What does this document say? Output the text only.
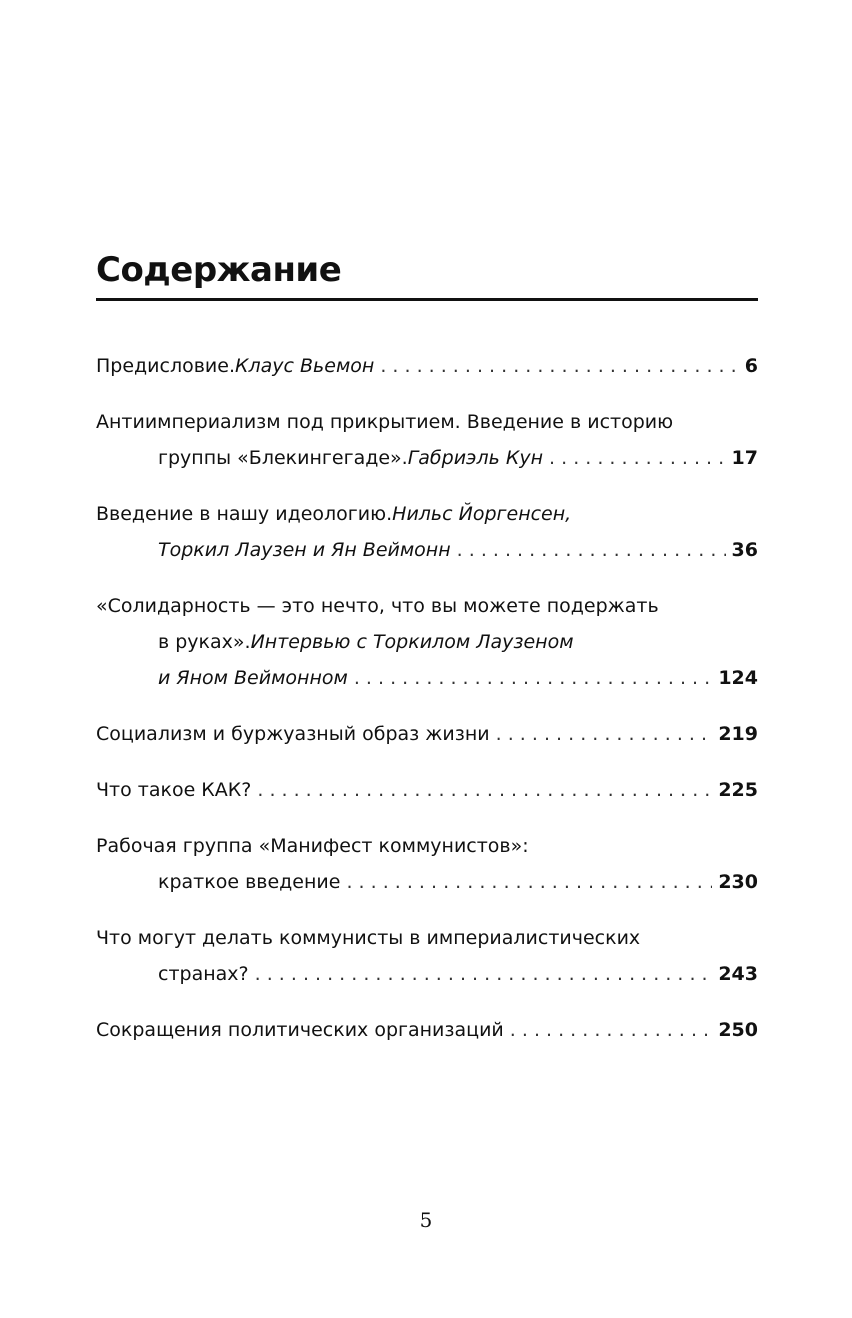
Содержание
Предисловие. Клаус Вьемон . . .	6
Антиимпериализм под прикрытием. Введение в историю
группы «Блекингегаде». Габриэль Кун . . .	17
Введение в нашу идеологию. Нильс Йоргенсен,
Торкил Лаузен и Ян Веймонн . . .	36
«Солидарность — это нечто, что вы можете подержать
в руках». Интервью с Торкилом Лаузеном
и Яном Веймонном . . .	124
Социализм и буржуазный образ жизни . . .	219
Что такое КАК? . . .	225
Рабочая группа «Манифест коммунистов»:
краткое введение . . .	230
Что могут делать коммунисты в империалистических
странах? . . .	243
Сокращения политических организаций . . .	250
5
